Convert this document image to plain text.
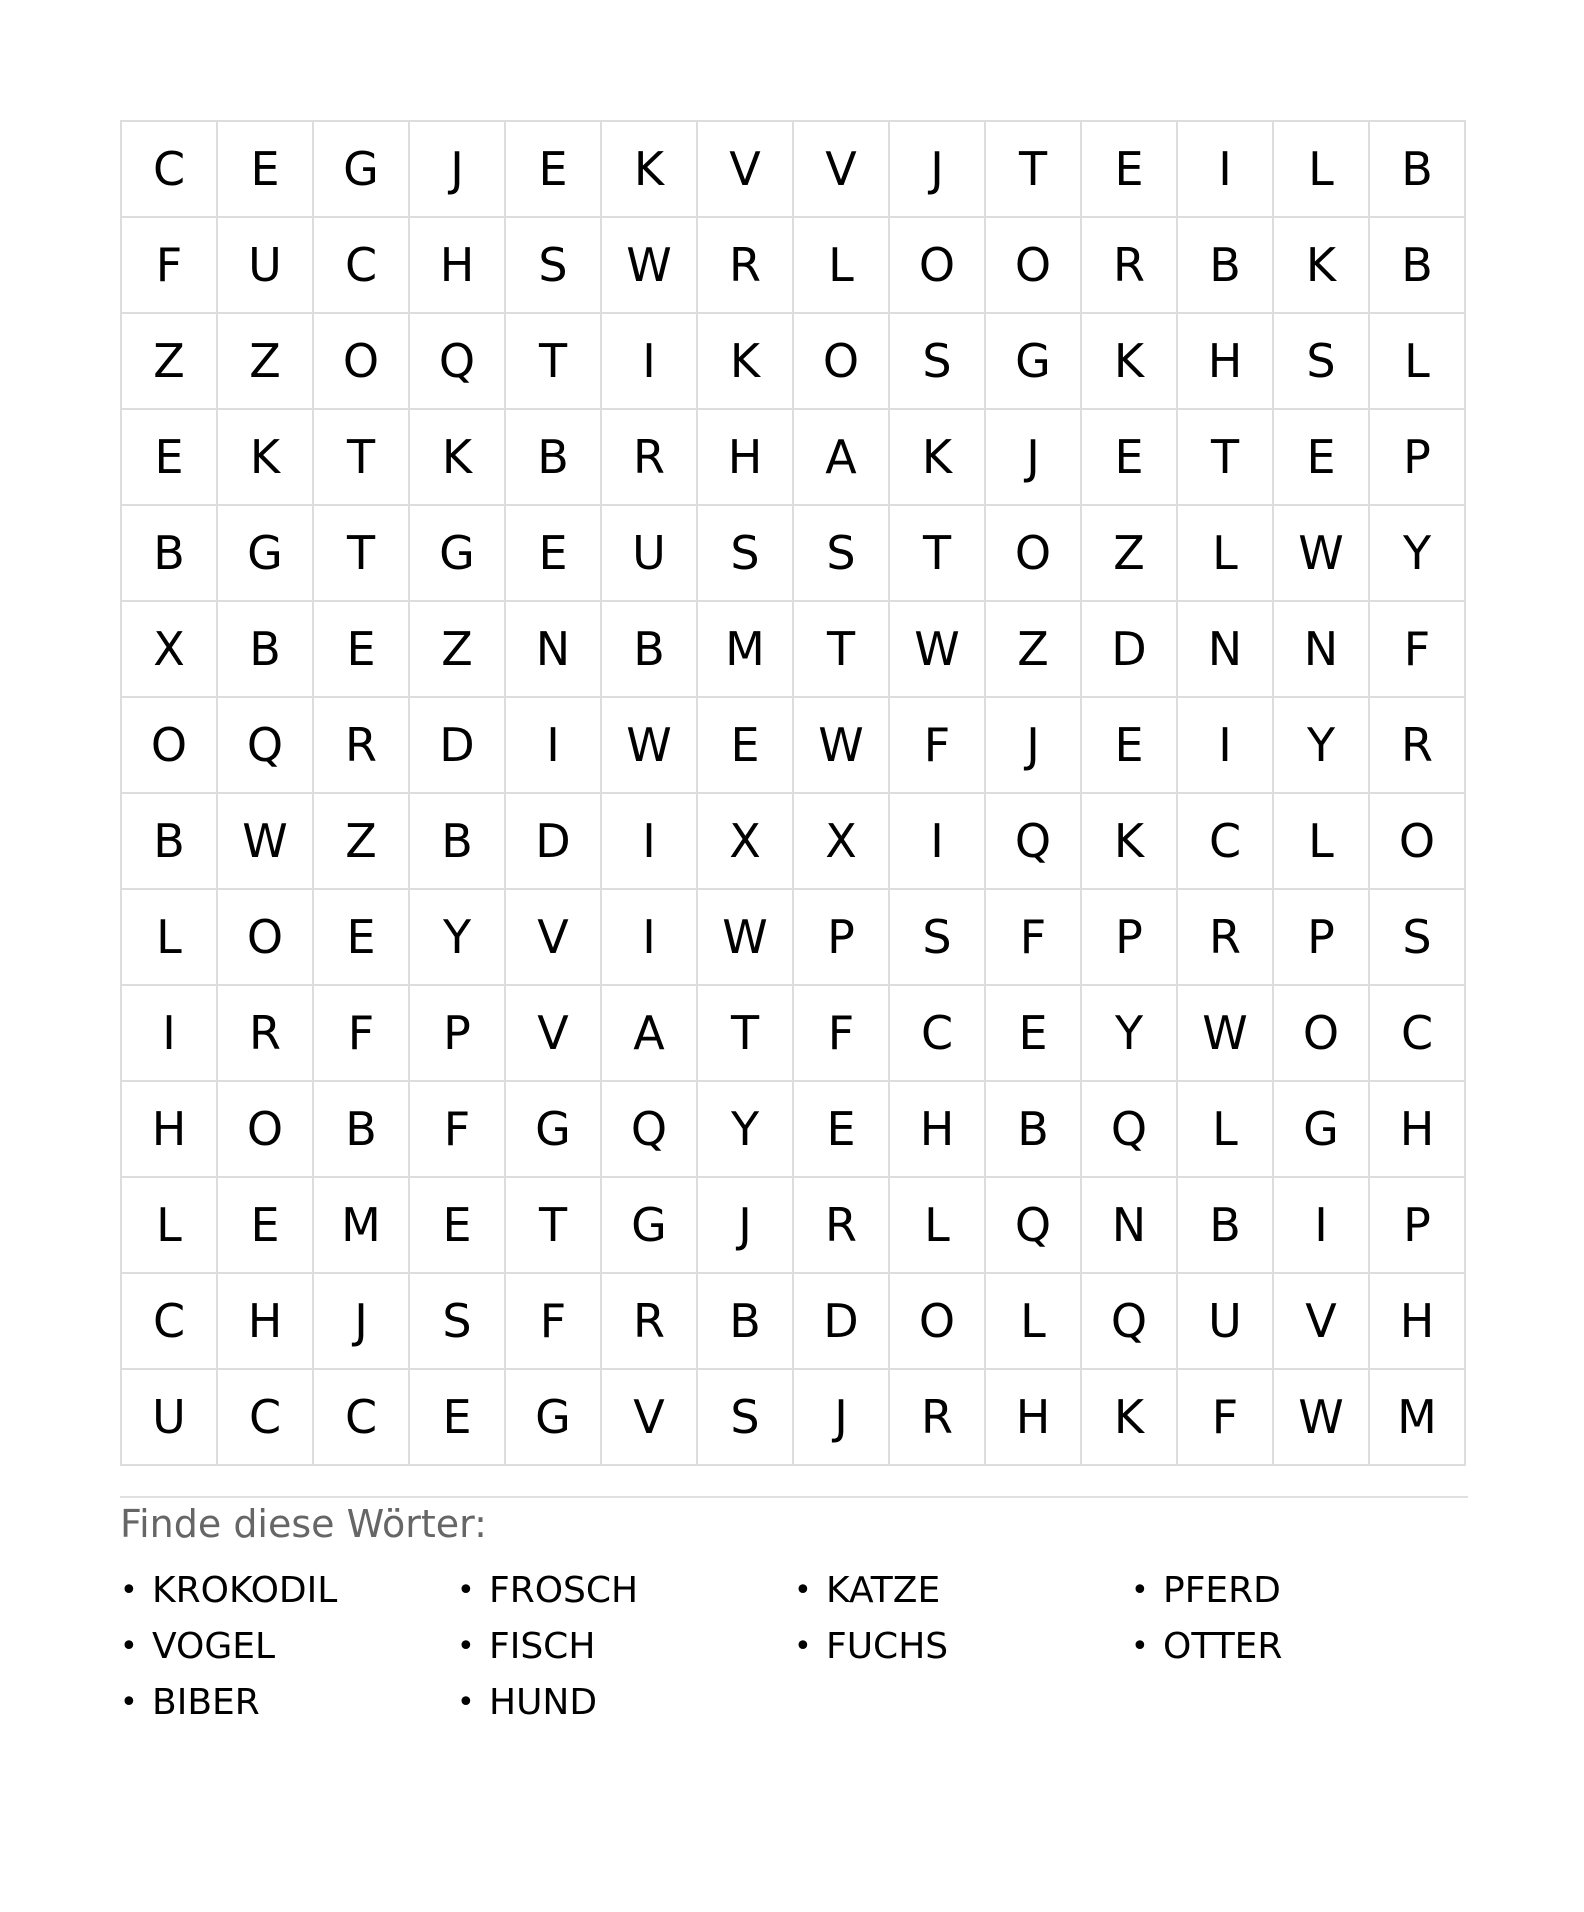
C	E	G	J	E	K	V	V	J	T	E	I	L	B
F	U	C	H	S	W	R	L	O	O	R	B	K	B
Z	Z	O	Q	T	I	K	O	S	G	K	H	S	L
E	K	T	K	B	R	H	A	K	J	E	T	E	P
B	G	T	G	E	U	S	S	T	O	Z	L	W	Y
X	B	E	Z	N	B	M	T	W	Z	D	N	N	F
O	Q	R	D	I	W	E	W	F	J	E	I	Y	R
B	W	Z	B	D	I	X	X	I	Q	K	C	L	O
L	O	E	Y	V	I	W	P	S	F	P	R	P	S
I	R	F	P	V	A	T	F	C	E	Y	W	O	C
H	O	B	F	G	Q	Y	E	H	B	Q	L	G	H
L	E	M	E	T	G	J	R	L	Q	N	B	I	P
C	H	J	S	F	R	B	D	O	L	Q	U	V	H
U	C	C	E	G	V	S	J	R	H	K	F	W	M
Finde diese Wörter:
• KROKODIL	• FROSCH	• KATZE	• PFERD
• VOGEL	• FISCH	• FUCHS	• OTTER
• BIBER	• HUND
